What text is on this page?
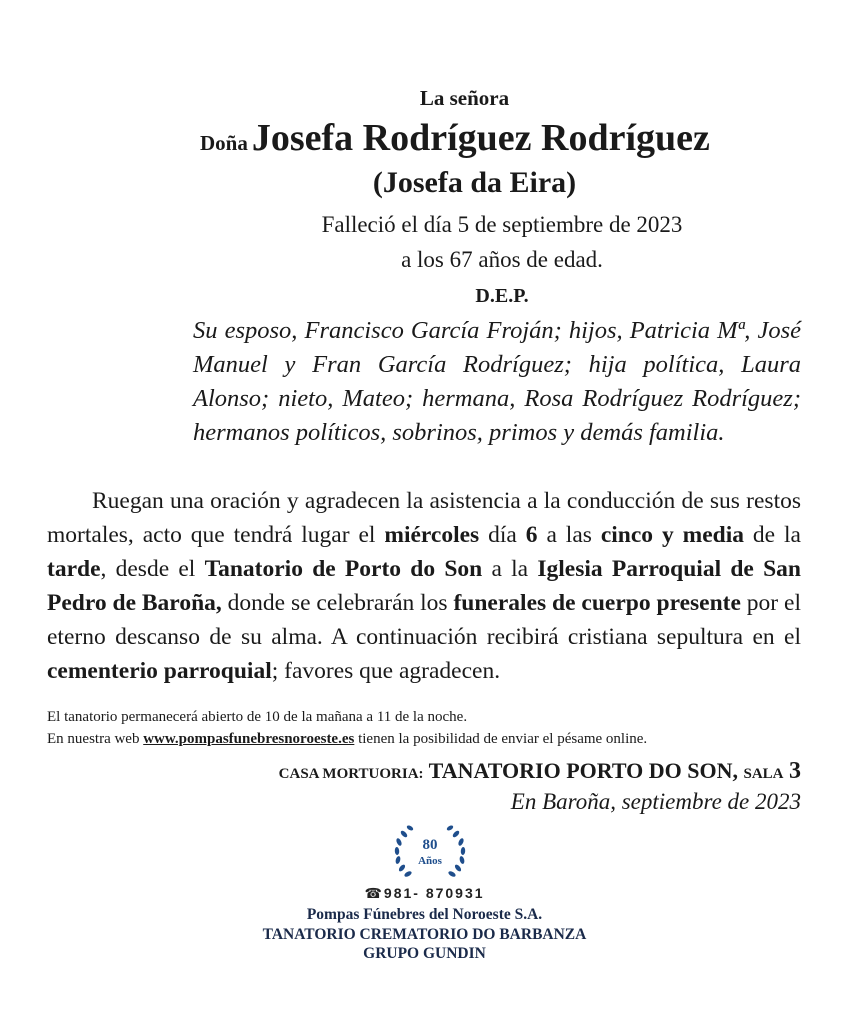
La señora
Doña Josefa Rodríguez Rodríguez
(Josefa da Eira)
Falleció el día 5 de septiembre de 2023
a los 67 años de edad.
D.E.P.
Su esposo, Francisco García Froján; hijos, Patricia Mª, José Manuel y Fran García Rodríguez; hija política, Laura Alonso; nieto, Mateo; hermana, Rosa Rodríguez Rodríguez; hermanos políticos, sobrinos, primos y demás familia.
Ruegan una oración y agradecen la asistencia a la conducción de sus restos mortales, acto que tendrá lugar el miércoles día 6 a las cinco y media de la tarde, desde el Tanatorio de Porto do Son a la Iglesia Parroquial de San Pedro de Baroña, donde se celebrarán los funerales de cuerpo presente por el eterno descanso de su alma. A continuación recibirá cristiana sepultura en el cementerio parroquial; favores que agradecen.
El tanatorio permanecerá abierto de 10 de la mañana a 11 de la noche.
En nuestra web www.pompasfunebresnoroeste.es tienen la posibilidad de enviar el pésame online.
CASA MORTUORIA: TANATORIO PORTO DO SON, SALA 3
En Baroña, septiembre de 2023
80
Años
☎981- 870931
Pompas Fúnebres del Noroeste S.A.
TANATORIO CREMATORIO DO BARBANZA
GRUPO GUNDIN
